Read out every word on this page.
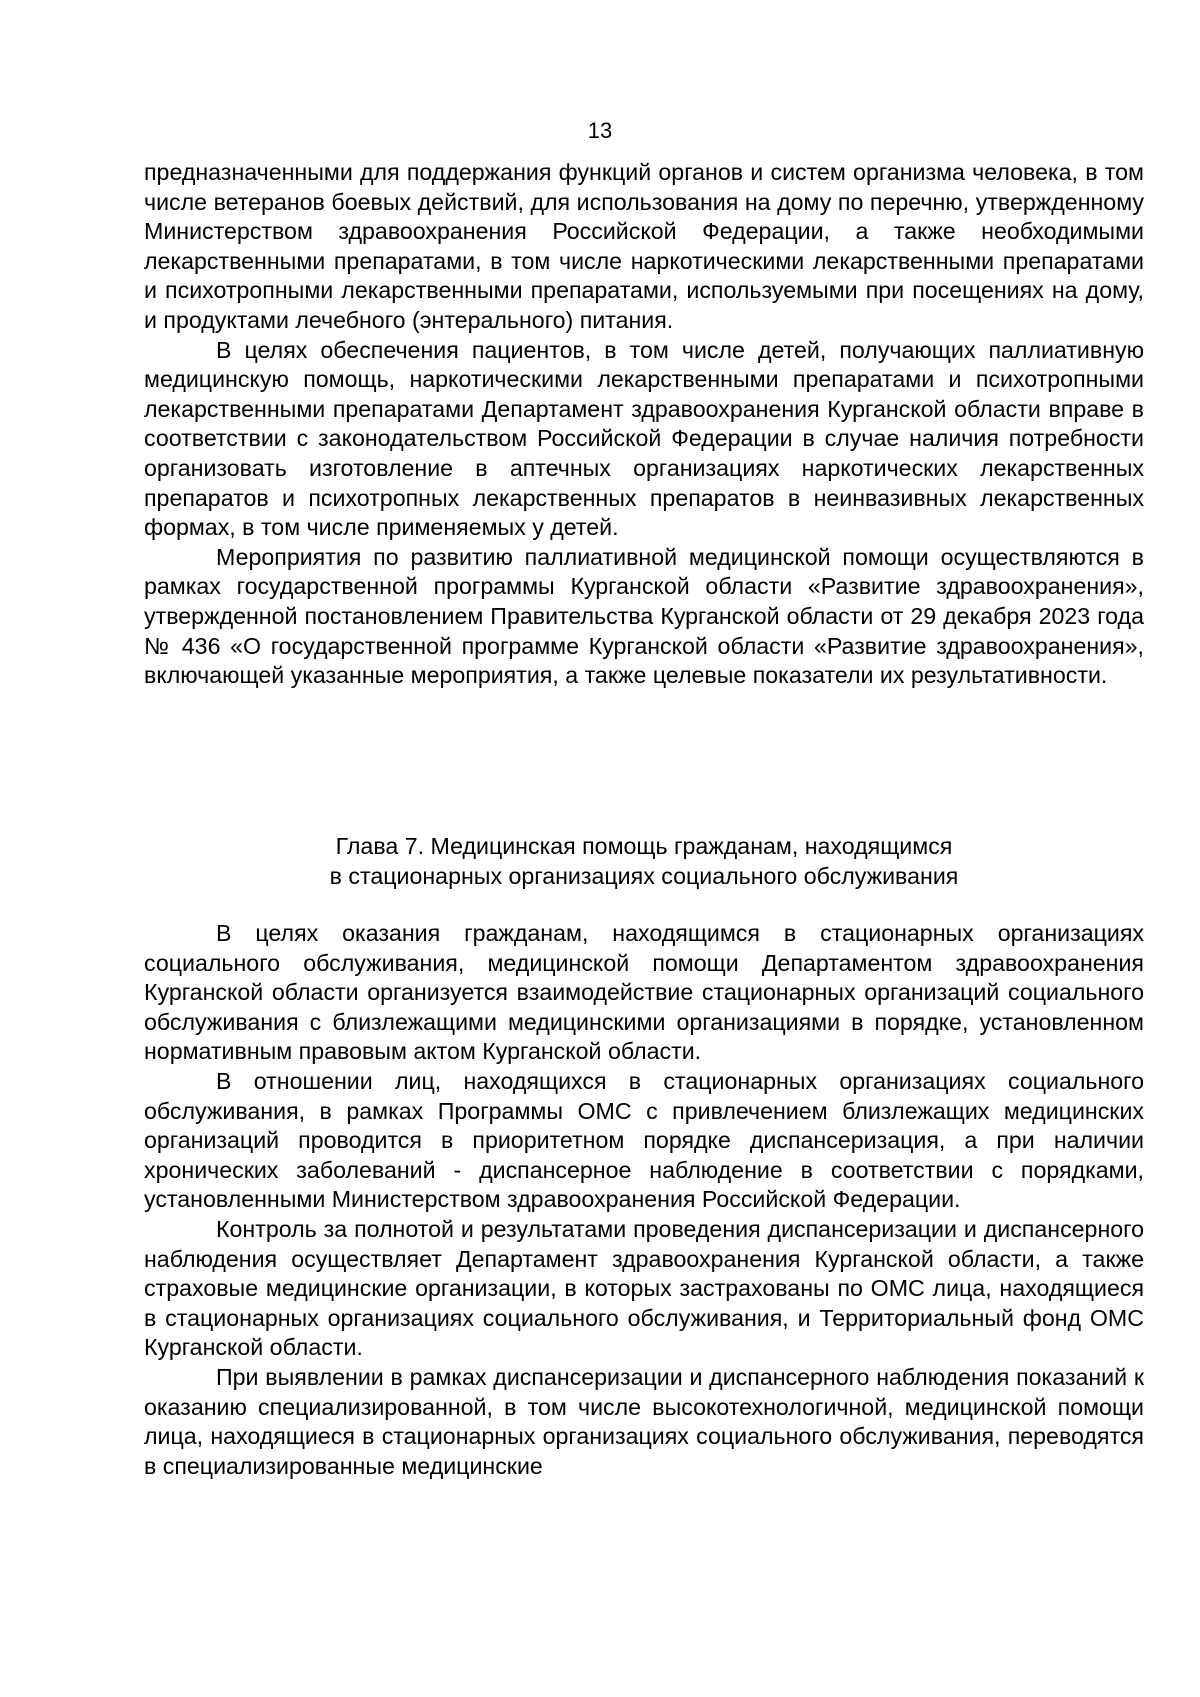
13

предназначенными для поддержания функций органов и систем организма человека, в том числе ветеранов боевых действий, для использования на дому по перечню, утвержденному Министерством здравоохранения Российской Федерации, а также необходимыми лекарственными препаратами, в том числе наркотическими лекарственными препаратами и психотропными лекарственными препаратами, используемыми при посещениях на дому, и продуктами лечебного (энтерального) питания.

В целях обеспечения пациентов, в том числе детей, получающих паллиативную медицинскую помощь, наркотическими лекарственными препаратами и психотропными лекарственными препаратами Департамент здравоохранения Курганской области вправе в соответствии с законодательством Российской Федерации в случае наличия потребности организовать изготовление в аптечных организациях наркотических лекарственных препаратов и психотропных лекарственных препаратов в неинвазивных лекарственных формах, в том числе применяемых у детей.

Мероприятия по развитию паллиативной медицинской помощи осуществляются в рамках государственной программы Курганской области «Развитие здравоохранения», утвержденной постановлением Правительства Курганской области от 29 декабря 2023 года № 436 «О государственной программе Курганской области «Развитие здравоохранения», включающей указанные мероприятия, а также целевые показатели их результативности.

Глава 7. Медицинская помощь гражданам, находящимся
в стационарных организациях социального обслуживания

В целях оказания гражданам, находящимся в стационарных организациях социального обслуживания, медицинской помощи Департаментом здравоохранения Курганской области организуется взаимодействие стационарных организаций социального обслуживания с близлежащими медицинскими организациями в порядке, установленном нормативным правовым актом Курганской области.

В отношении лиц, находящихся в стационарных организациях социального обслуживания, в рамках Программы ОМС с привлечением близлежащих медицинских организаций проводится в приоритетном порядке диспансеризация, а при наличии хронических заболеваний - диспансерное наблюдение в соответствии с порядками, установленными Министерством здравоохранения Российской Федерации.

Контроль за полнотой и результатами проведения диспансеризации и диспансерного наблюдения осуществляет Департамент здравоохранения Курганской области, а также страховые медицинские организации, в которых застрахованы по ОМС лица, находящиеся в стационарных организациях социального обслуживания, и Территориальный фонд ОМС Курганской области.

При выявлении в рамках диспансеризации и диспансерного наблюдения показаний к оказанию специализированной, в том числе высокотехнологичной, медицинской помощи лица, находящиеся в стационарных организациях социального обслуживания, переводятся в специализированные медицинские
